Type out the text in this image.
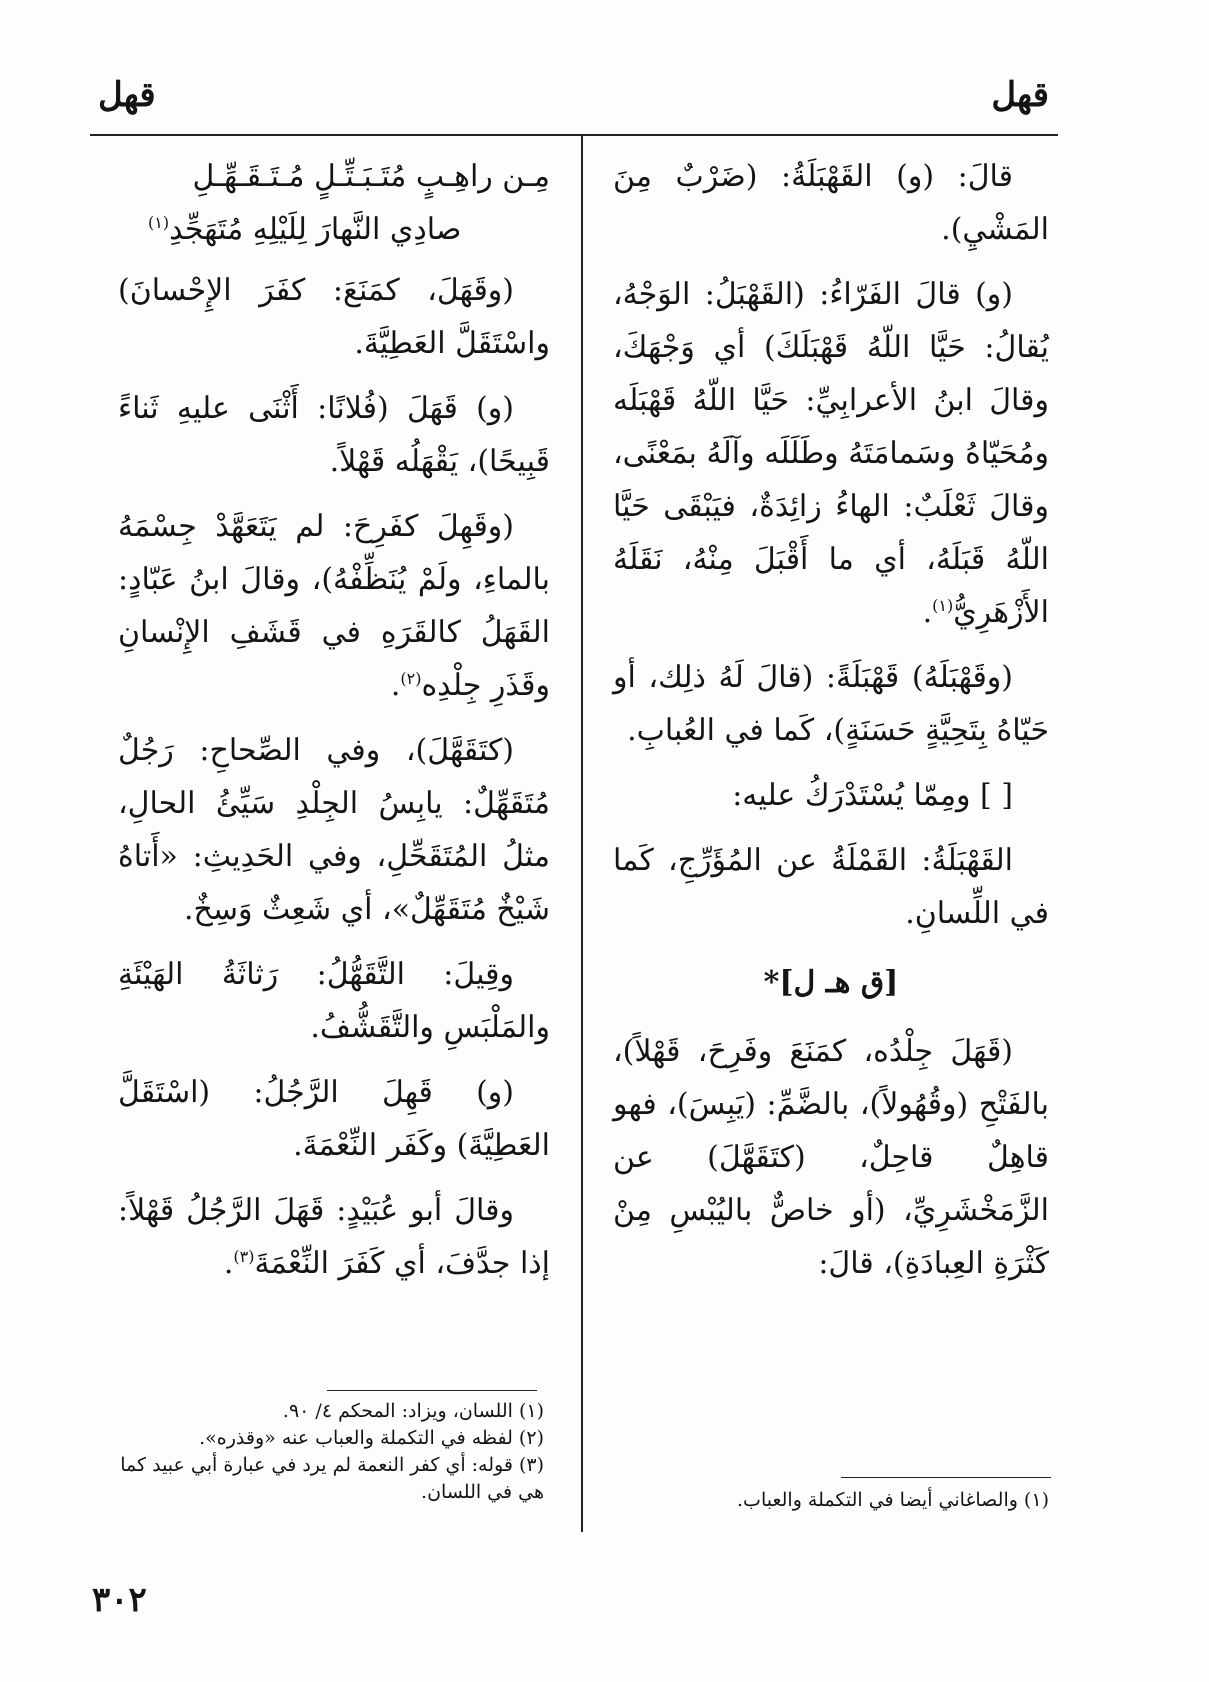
قهل
قهل

قالَ: (و) القَهْبَلَةُ: (ضَرْبٌ مِنَ المَشْيِ).

(و) قالَ الفَرّاءُ: (القَهْبَلُ: الوَجْهُ، يُقالُ: حَيَّا اللّهُ قَهْبَلَكَ) أي وَجْهَكَ، وقالَ ابنُ الأعرابِيِّ: حَيَّا اللّهُ قَهْبَلَه ومُحَيّاهُ وسَمامَتَهُ وطَلَلَه وآلَهُ بمَعْنًى، وقالَ ثَعْلَبٌ: الهاءُ زائِدَةٌ، فيَبْقَى حَيَّا اللّهُ قَبَلَهُ، أي ما أَقْبَلَ مِنْهُ، نَقَلَهُ الأَزْهَرِيُّ$^{(١)}$.

(وقَهْبَلَهُ) قَهْبَلَةً: (قالَ لَهُ ذلِك، أو حَيّاهُ بِتَحِيَّةٍ حَسَنَةٍ)، كَما في العُبابِ.

[ ] ومِمّا يُسْتَدْرَكُ عليه:

القَهْبَلَةُ: القَمْلَةُ عن المُؤَرِّجِ، كَما في اللِّسانِ.

[ق هـ ل]*

(قَهَلَ جِلْدُه، كمَنَعَ وفَرِحَ، قَهْلاً)، بالفَتْحِ (وقُهُولاً)، بالضَّمِّ: (يَبِسَ)، فهو قاهِلٌ قاحِلٌ، (كتَقَهَّلَ) عن الزَّمَخْشَرِيِّ، (أو خاصٌّ باليُبْسِ مِنْ كَثْرَةِ العِبادَةِ)، قالَ:

مِـن راهِـبٍ مُتَـبَـتِّـلٍ مُـتَـقَـهِّـلِ
صادِي النَّهارَ لِلَيْلِهِ مُتَهَجِّدِ$^{(١)}$

(وقَهَلَ، كمَنَعَ: كفَرَ الإِحْسانَ) واسْتَقَلَّ العَطِيَّةَ.

(و) قَهَلَ (فُلانًا: أَثْنَى عليهِ ثَناءً قَبِيحًا)، يَقْهَلُه قَهْلاً.

(وقَهِلَ كفَرِحَ: لم يَتَعَهَّدْ جِسْمَهُ بالماءِ، ولَمْ يُنَظِّفْهُ)، وقالَ ابنُ عَبّادٍ: القَهَلُ كالقَرَهِ في قَشَفِ الإِنْسانِ وقَذَرِ جِلْدِه$^{(٢)}$.

(كتَقَهَّلَ)، وفي الصِّحاحِ: رَجُلٌ مُتَقَهِّلٌ: يابِسُ الجِلْدِ سَيِّئُ الحالِ، مثلُ المُتَقَحِّلِ، وفي الحَدِيثِ: «أَتاهُ شَيْخٌ مُتَقَهِّلٌ»، أي شَعِثٌ وَسِخٌ.

وقِيلَ: التَّقَهُّلُ: رَثاثَةُ الهَيْئَةِ والمَلْبَسِ والتَّقَشُّفُ.

(و) قَهِلَ الرَّجُلُ: (اسْتَقَلَّ العَطِيَّةَ) وكَفَر النِّعْمَةَ.

وقالَ أبو عُبَيْدٍ: قَهَلَ الرَّجُلُ قَهْلاً: إذا جدَّفَ، أي كَفَرَ النِّعْمَةَ$^{(٣)}$.

(١) والصاغاني أيضا في التكملة والعباب.
(١) اللسان، ويزاد: المحكم ٤/ ٩٠.
(٢) لفظه في التكملة والعباب عنه «وقذره».
(٣) قوله: أي كفر النعمة لم يرد في عبارة أبي عبيد كما هي في اللسان.
٣٠٢
